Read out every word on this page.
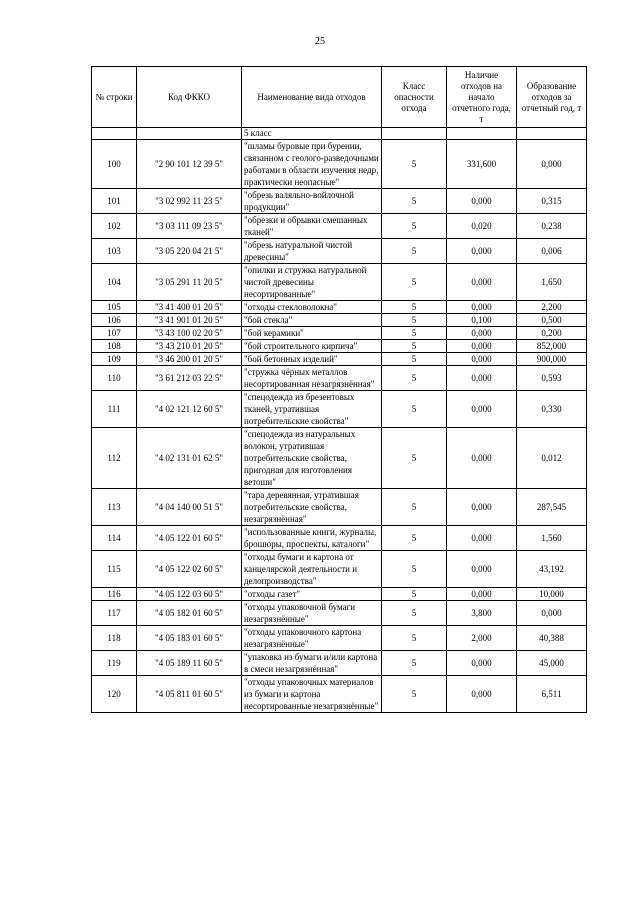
25
№ строки	Код ФККО	Наименование вида отходов	Класс опасности отхода	Наличие отходов на начало отчетного года, т	Образование отходов за отчетный год, т
		5 класс			
100	"2 90 101 12 39 5"	"шламы буровые при бурении, связанном с геолого-разведочными работами в области изучения недр, практически неопасные"	5	331,600	0,000
101	"3 02 992 11 23 5"	"обрезь валяльно-войлочной продукции"	5	0,000	0,315
102	"3 03 111 09 23 5"	"обрезки и обрывки смешанных тканей"	5	0,020	0,238
103	"3 05 220 04 21 5"	"обрезь натуральной чистой древесины"	5	0,000	0,006
104	"3 05 291 11 20 5"	"опилки и стружка натуральной чистой древесины несортированные"	5	0,000	1,650
105	"3 41 400 01 20 5"	"отходы стекловолокна"	5	0,000	2,200
106	"3 41 901 01 20 5"	"бой стекла"	5	0,100	0,500
107	"3 43 100 02 20 5"	"бой керамики"	5	0,000	0,200
108	"3 43 210 01 20 5"	"бой строительного кирпича"	5	0,000	852,000
109	"3 46 200 01 20 5"	"бой бетонных изделий"	5	0,000	900,000
110	"3 61 212 03 22 5"	"стружка чёрных металлов несортированная незагрязнённая"	5	0,000	0,593
111	"4 02 121 12 60 5"	"спецодежда из брезентовых тканей, утратившая потребительские свойства"	5	0,000	0,330
112	"4 02 131 01 62 5"	"спецодежда из натуральных волокон, утратившая потребительские свойства, пригодная для изготовления ветоши"	5	0,000	0,012
113	"4 04 140 00 51 5"	"тара деревянная, утратившая потребительские свойства, незагрязнённая"	5	0,000	287,545
114	"4 05 122 01 60 5"	"использованные книги, журналы, брошюры, проспекты, каталоги"	5	0,000	1,560
115	"4 05 122 02 60 5"	"отходы бумаги и картона от канцелярской деятельности и делопроизводства"	5	0,000	43,192
116	"4 05 122 03 60 5"	"отходы газет"	5	0,000	10,000
117	"4 05 182 01 60 5"	"отходы упаковочной бумаги незагрязнённые"	5	3,800	0,000
118	"4 05 183 01 60 5"	"отходы упаковочного картона незагрязнённые"	5	2,000	40,388
119	"4 05 189 11 60 5"	"упаковка из бумаги и/или картона в смеси незагрязнённая"	5	0,000	45,000
120	"4 05 811 01 60 5"	"отходы упаковочных материалов из бумаги и картона несортированные незагрязнённые"	5	0,000	6,511
